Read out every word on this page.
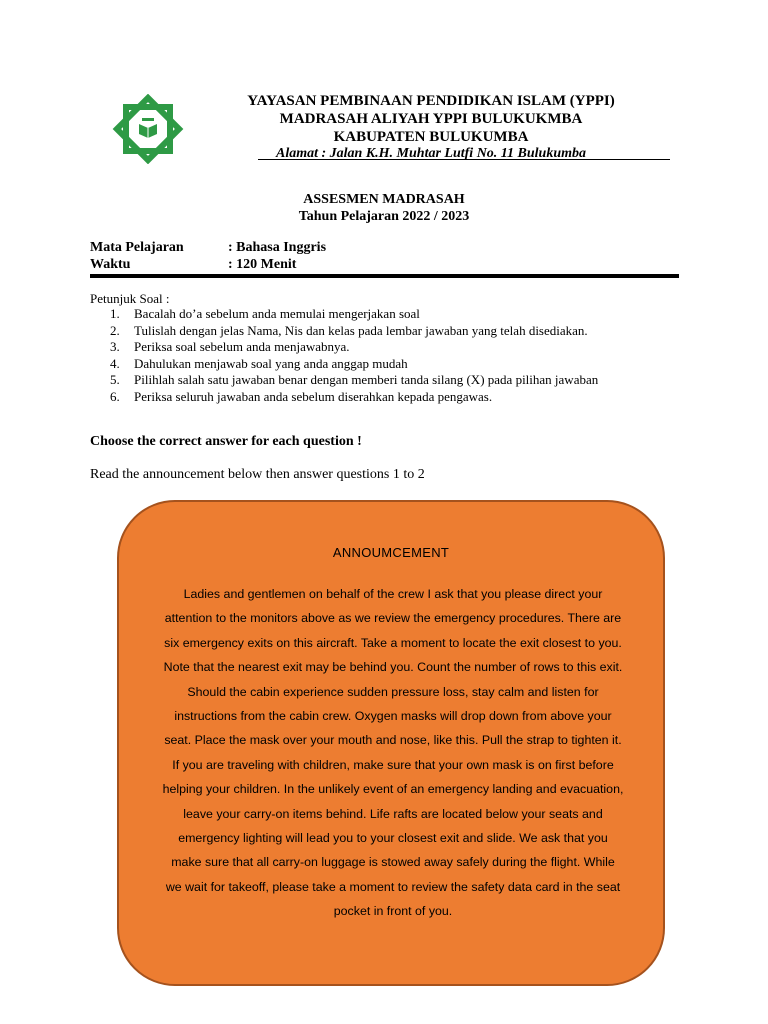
YAYASAN PEMBINAAN PENDIDIKAN ISLAM (YPPI)
MADRASAH ALIYAH YPPI BULUKUKMBA
KABUPATEN BULUKUMBA
Alamat : Jalan K.H. Muhtar Lutfi No. 11 Bulukumba
ASSESMEN MADRASAH
Tahun Pelajaran 2022 / 2023
Mata Pelajaran	: Bahasa Inggris
Waktu	: 120 Menit
Petunjuk Soal :
1. Bacalah do’a sebelum anda memulai mengerjakan soal
2. Tulislah dengan jelas Nama, Nis dan kelas pada lembar jawaban yang telah disediakan.
3. Periksa soal sebelum anda menjawabnya.
4. Dahulukan menjawab soal yang anda anggap mudah
5. Pilihlah salah satu jawaban benar dengan memberi tanda silang (X) pada pilihan jawaban
6. Periksa seluruh jawaban anda sebelum diserahkan kepada pengawas.
Choose the correct answer for each question !
Read the announcement below then answer questions 1 to 2
ANNOUMCEMENT

Ladies and gentlemen on behalf of the crew I ask that you please direct your attention to the monitors above as we review the emergency procedures. There are six emergency exits on this aircraft. Take a moment to locate the exit closest to you. Note that the nearest exit may be behind you. Count the number of rows to this exit. Should the cabin experience sudden pressure loss, stay calm and listen for instructions from the cabin crew. Oxygen masks will drop down from above your seat. Place the mask over your mouth and nose, like this. Pull the strap to tighten it. If you are traveling with children, make sure that your own mask is on first before helping your children. In the unlikely event of an emergency landing and evacuation, leave your carry-on items behind. Life rafts are located below your seats and emergency lighting will lead you to your closest exit and slide. We ask that you make sure that all carry-on luggage is stowed away safely during the flight. While we wait for takeoff, please take a moment to review the safety data card in the seat pocket in front of you.
